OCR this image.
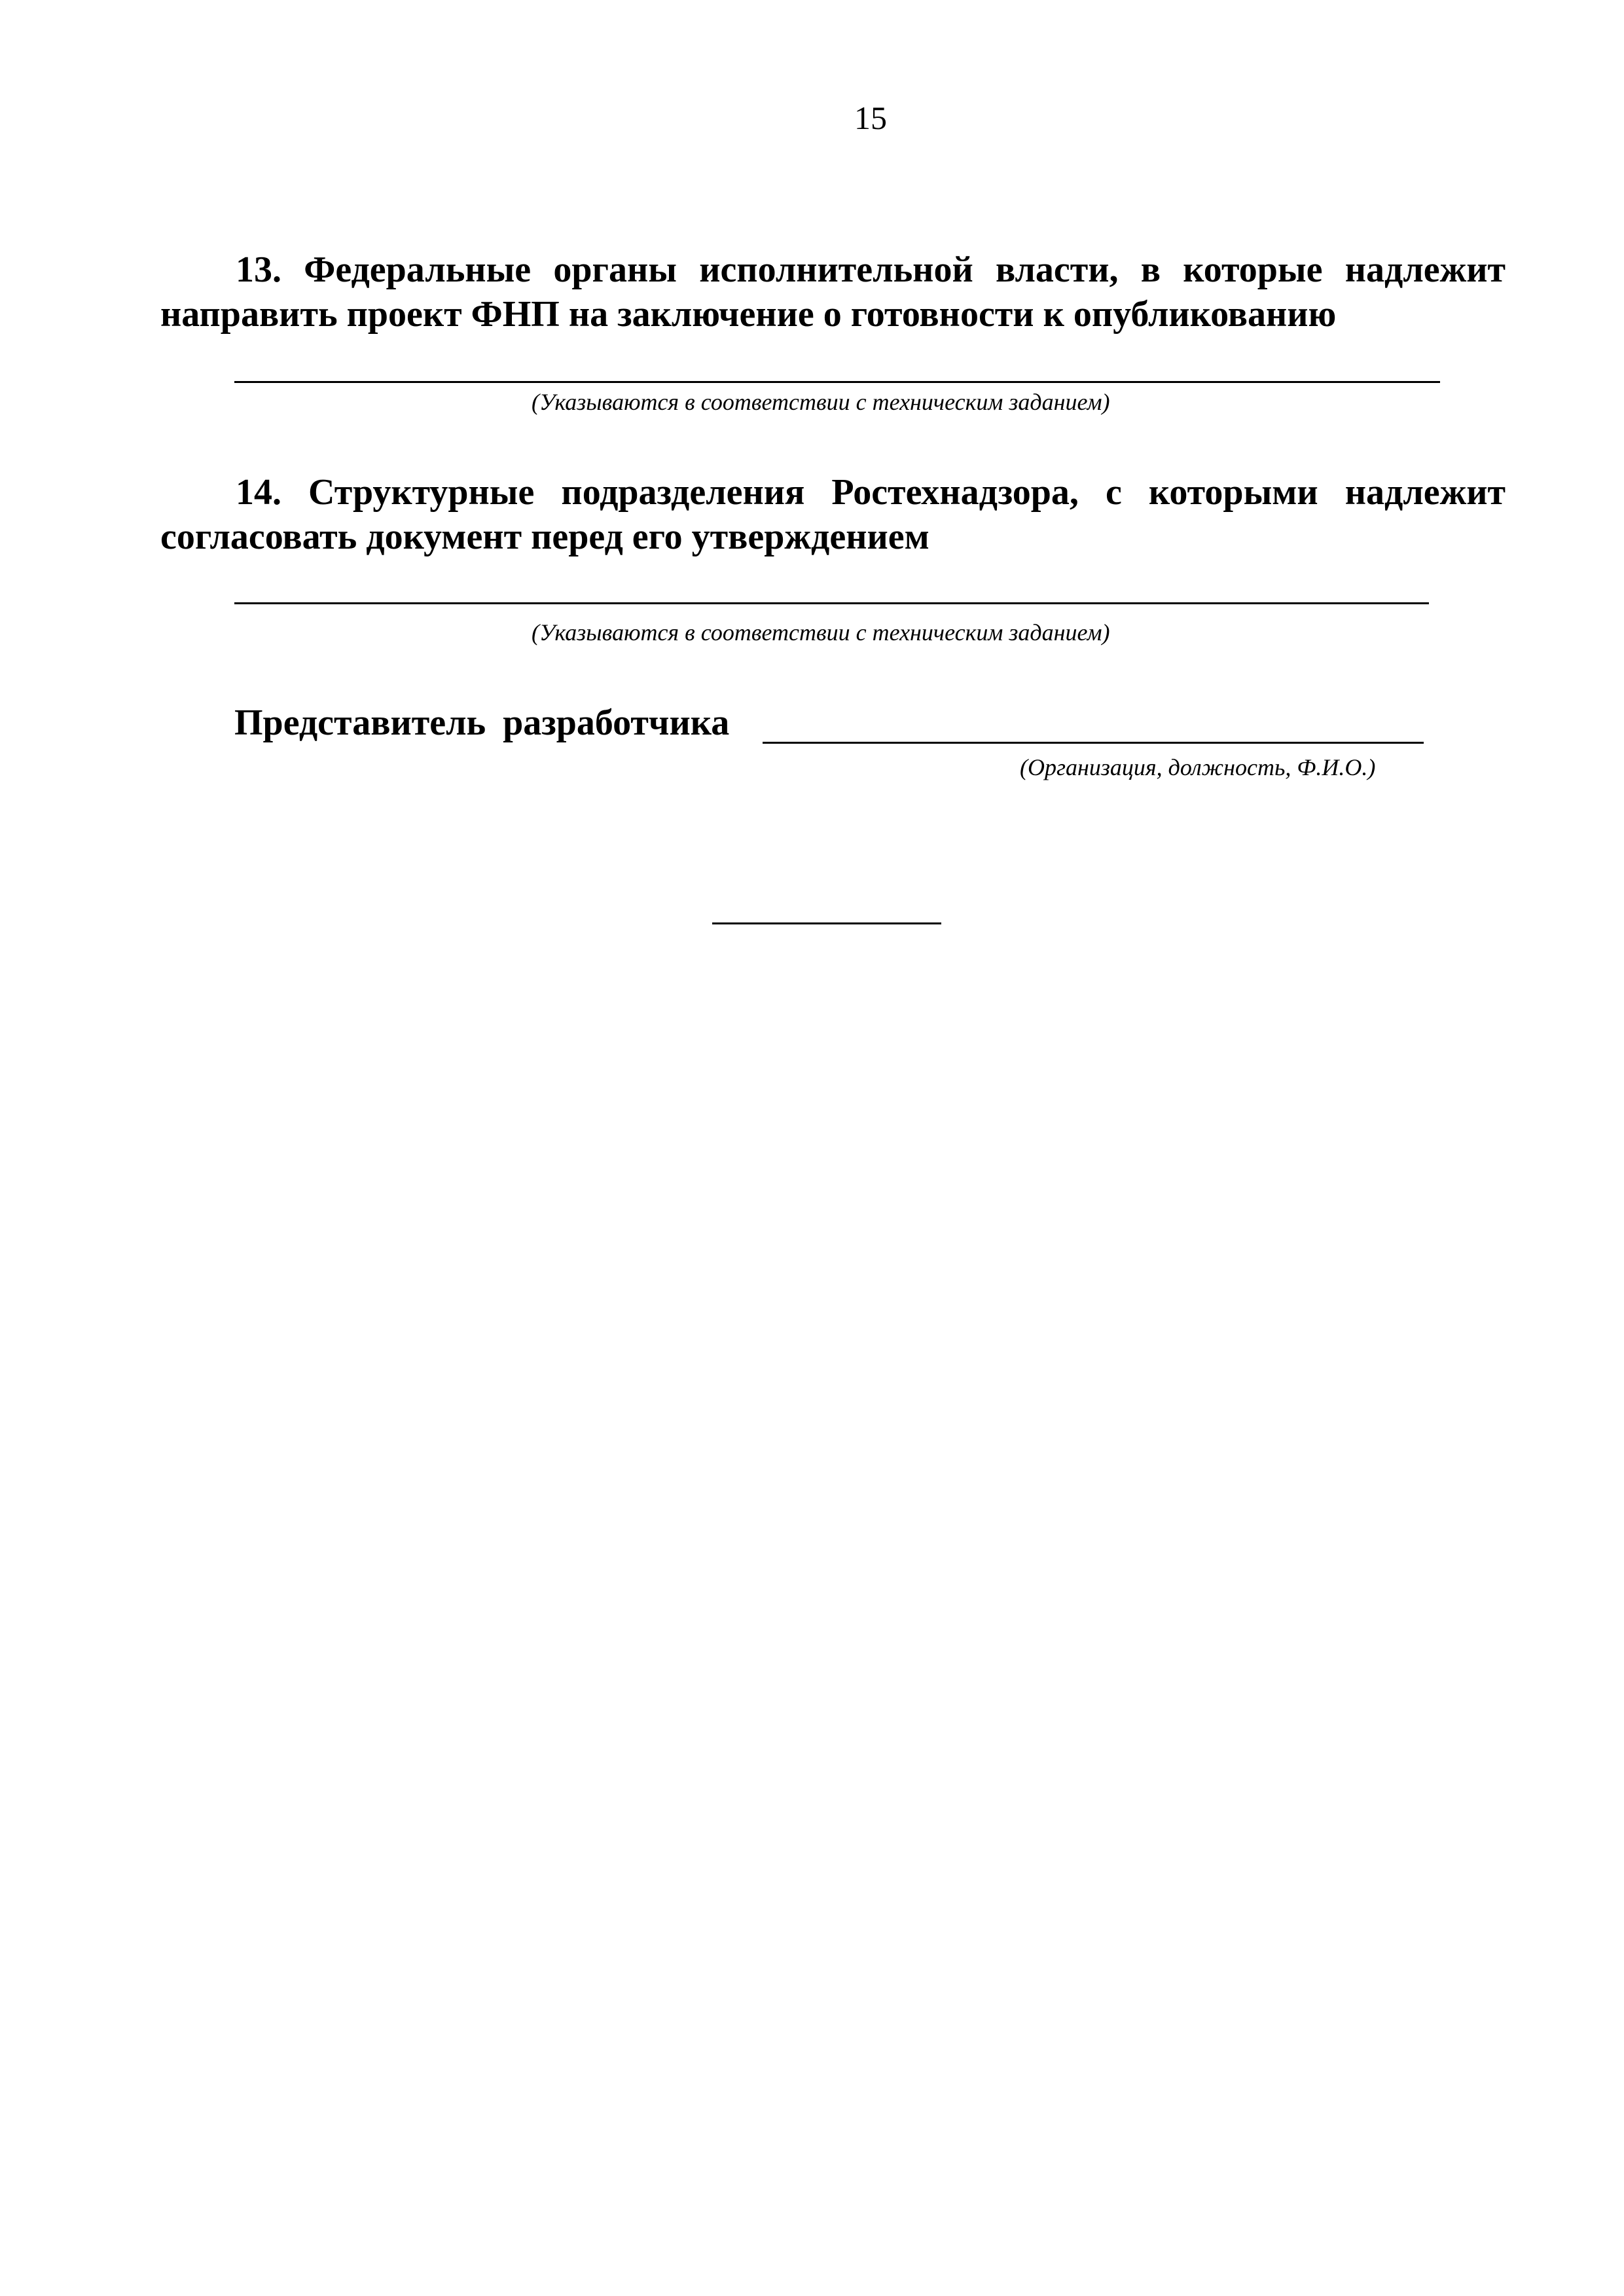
15
13. Федеральные органы исполнительной власти, в которые надлежит
направить проект ФНП на заключение о готовности к опубликованию
(Указываются в соответствии с техническим заданием)
14. Структурные подразделения Ростехнадзора, с которыми надлежит
согласовать документ перед его утверждением
(Указываются в соответствии с техническим заданием)
Представитель разработчика
(Организация, должность, Ф.И.О.)
